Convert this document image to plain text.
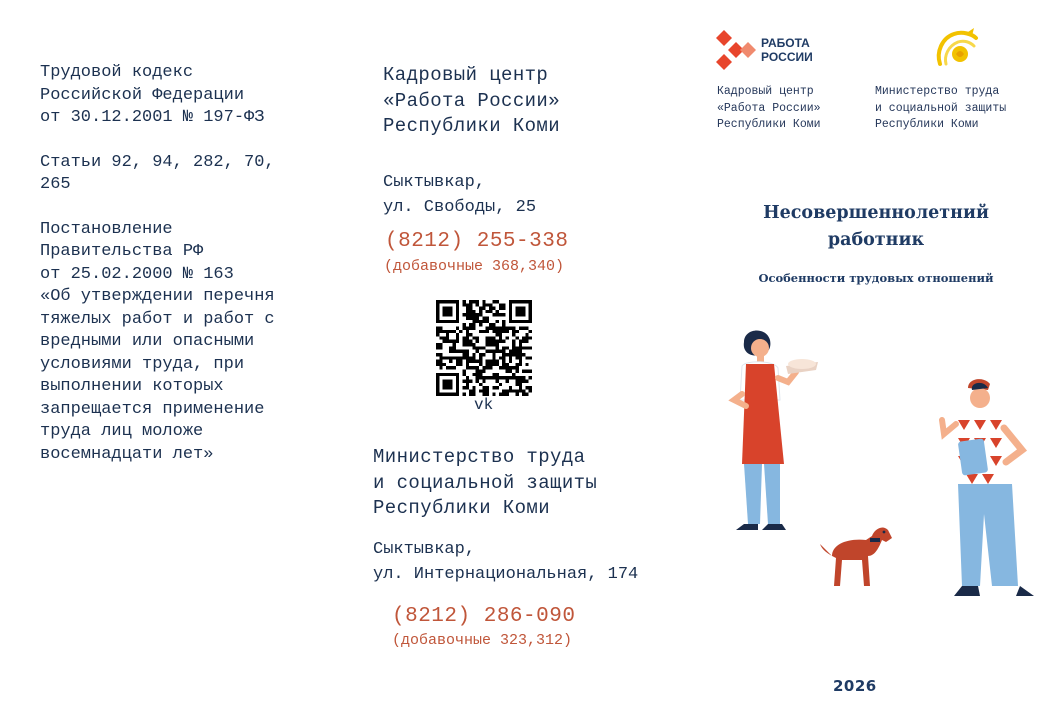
Трудовой кодекс
Российской Федерации
от 30.12.2001 № 197-ФЗ
Статьи 92, 94, 282, 70,
265
Постановление
Правительства РФ
от 25.02.2000 № 163
«Об утверждении перечня
тяжелых работ и работ с
вредными или опасными
условиями труда, при
выполнении которых
запрещается применение
труда лиц моложе
восемнадцати лет»
Кадровый центр
«Работа России»
Республики Коми
Сыктывкар,
ул. Свободы, 25
(8212) 255-338
(добавочные 368,340)
vk
Министерство труда
и социальной защиты
Республики Коми
Сыктывкар,
ул. Интернациональная, 174
(8212) 286-090
(добавочные 323,312)
РАБОТА
РОССИИ
Кадровый центр
«Работа России»
Республики Коми
Министерство труда
и социальной защиты
Республики Коми
Несовершеннолетний
работник
Особенности трудовых отношений
2026
